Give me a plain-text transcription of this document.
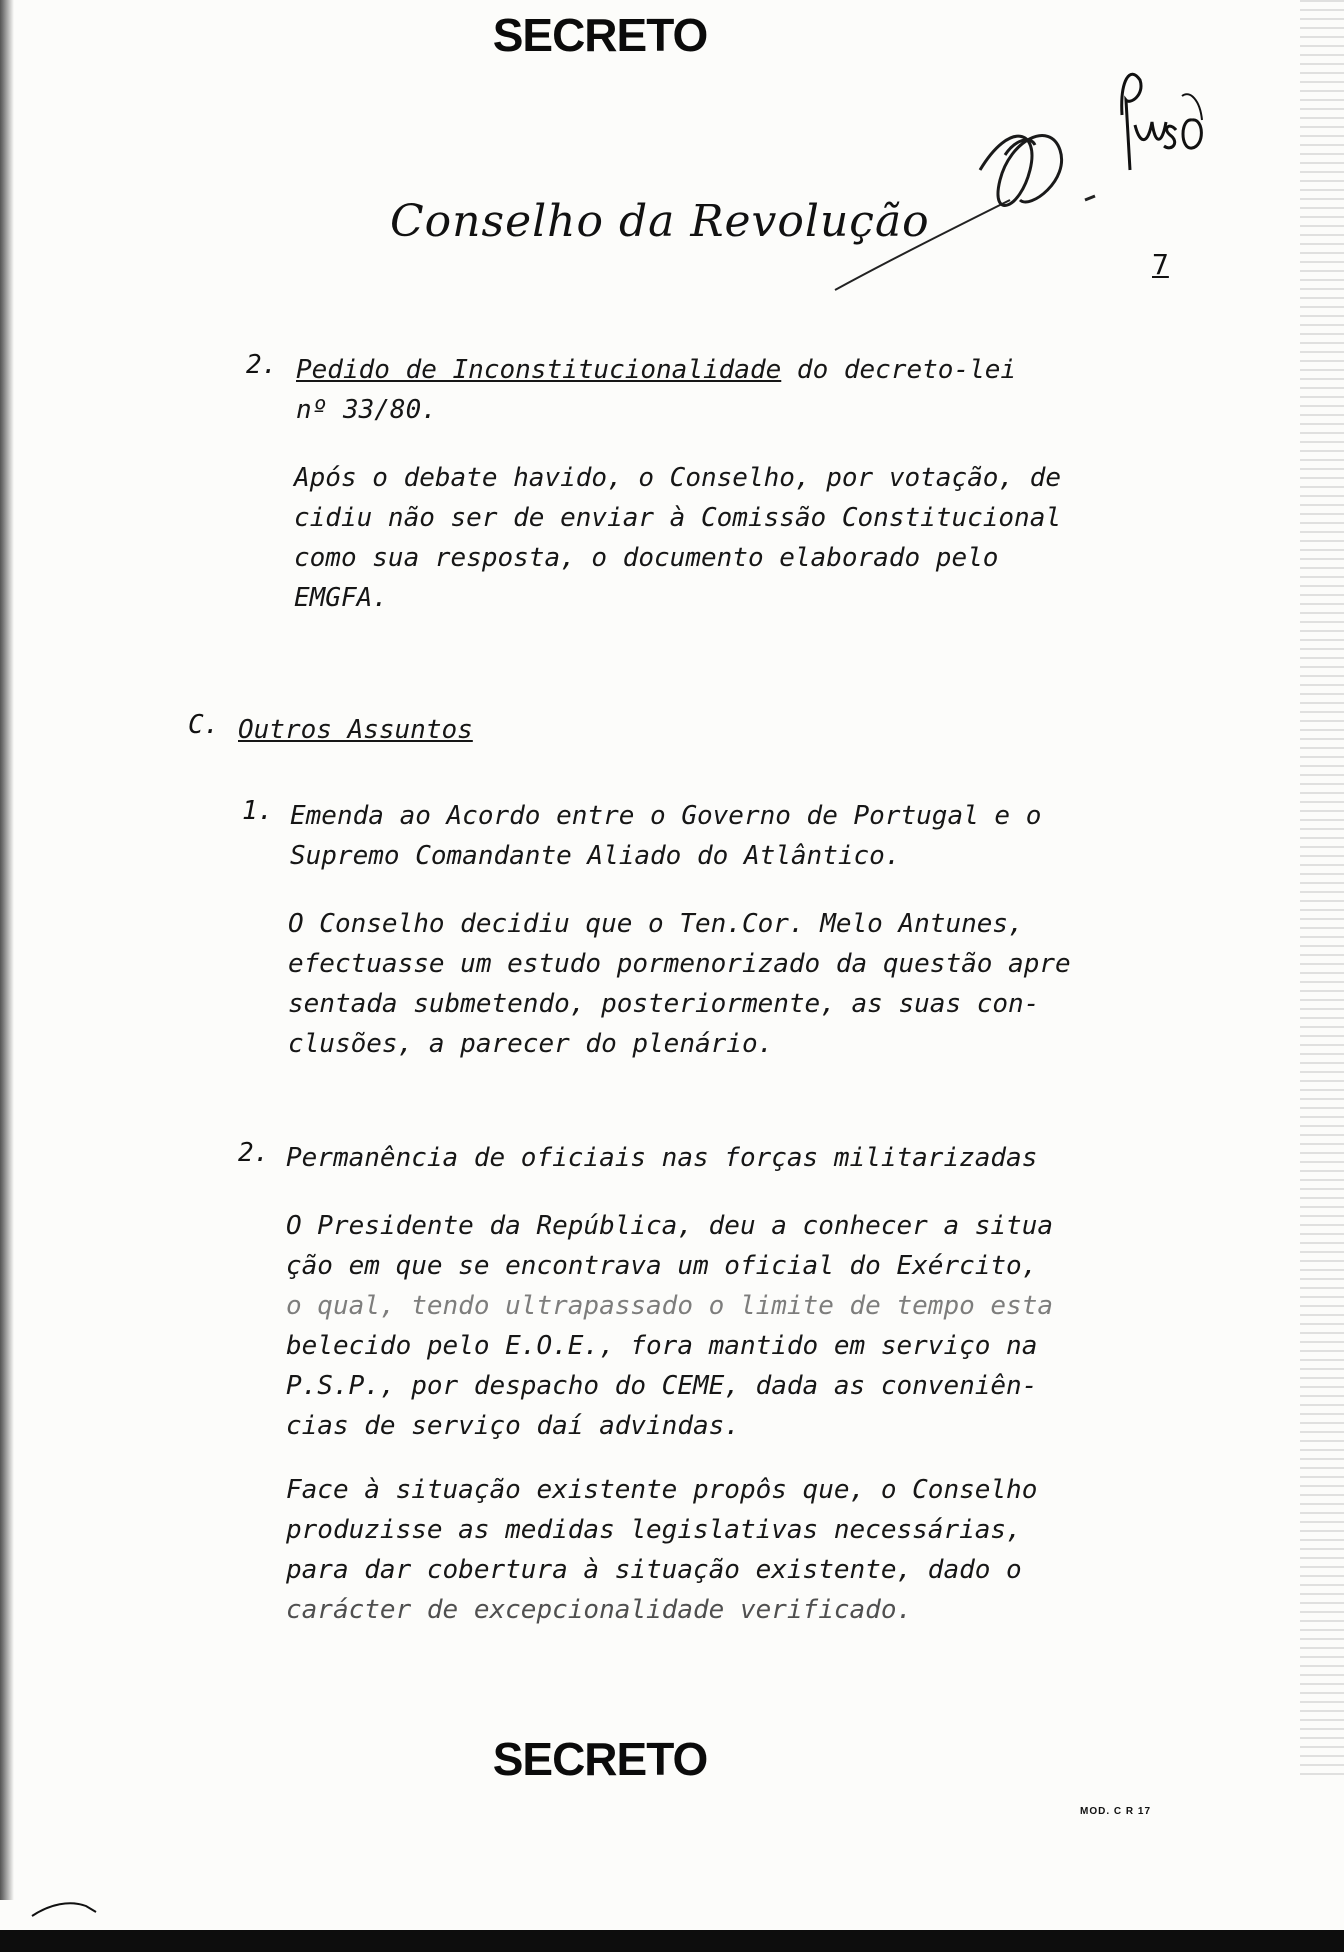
SECRETO
Conselho da Revolução
7
2. Pedido de Inconstitucionalidade do decreto-lei
nº 33/80.
Após o debate havido, o Conselho, por votação, de
cidiu não ser de enviar à Comissão Constitucional
como sua resposta, o documento elaborado pelo
EMGFA.
C. Outros Assuntos
1. Emenda ao Acordo entre o Governo de Portugal e o
Supremo Comandante Aliado do Atlântico.
O Conselho decidiu que o Ten.Cor. Melo Antunes,
efectuasse um estudo pormenorizado da questão apre
sentada submetendo, posteriormente, as suas con-
clusões, a parecer do plenário.
2. Permanência de oficiais nas forças militarizadas
O Presidente da República, deu a conhecer a situa
ção em que se encontrava um oficial do Exército,
o qual, tendo ultrapassado o limite de tempo esta
belecido pelo E.O.E., fora mantido em serviço na
P.S.P., por despacho do CEME, dada as conveniên-
cias de serviço daí advindas.
Face à situação existente propôs que, o Conselho
produzisse as medidas legislativas necessárias,
para dar cobertura à situação existente, dado o
carácter de excepcionalidade verificado.
SECRETO
MOD. C R 17
